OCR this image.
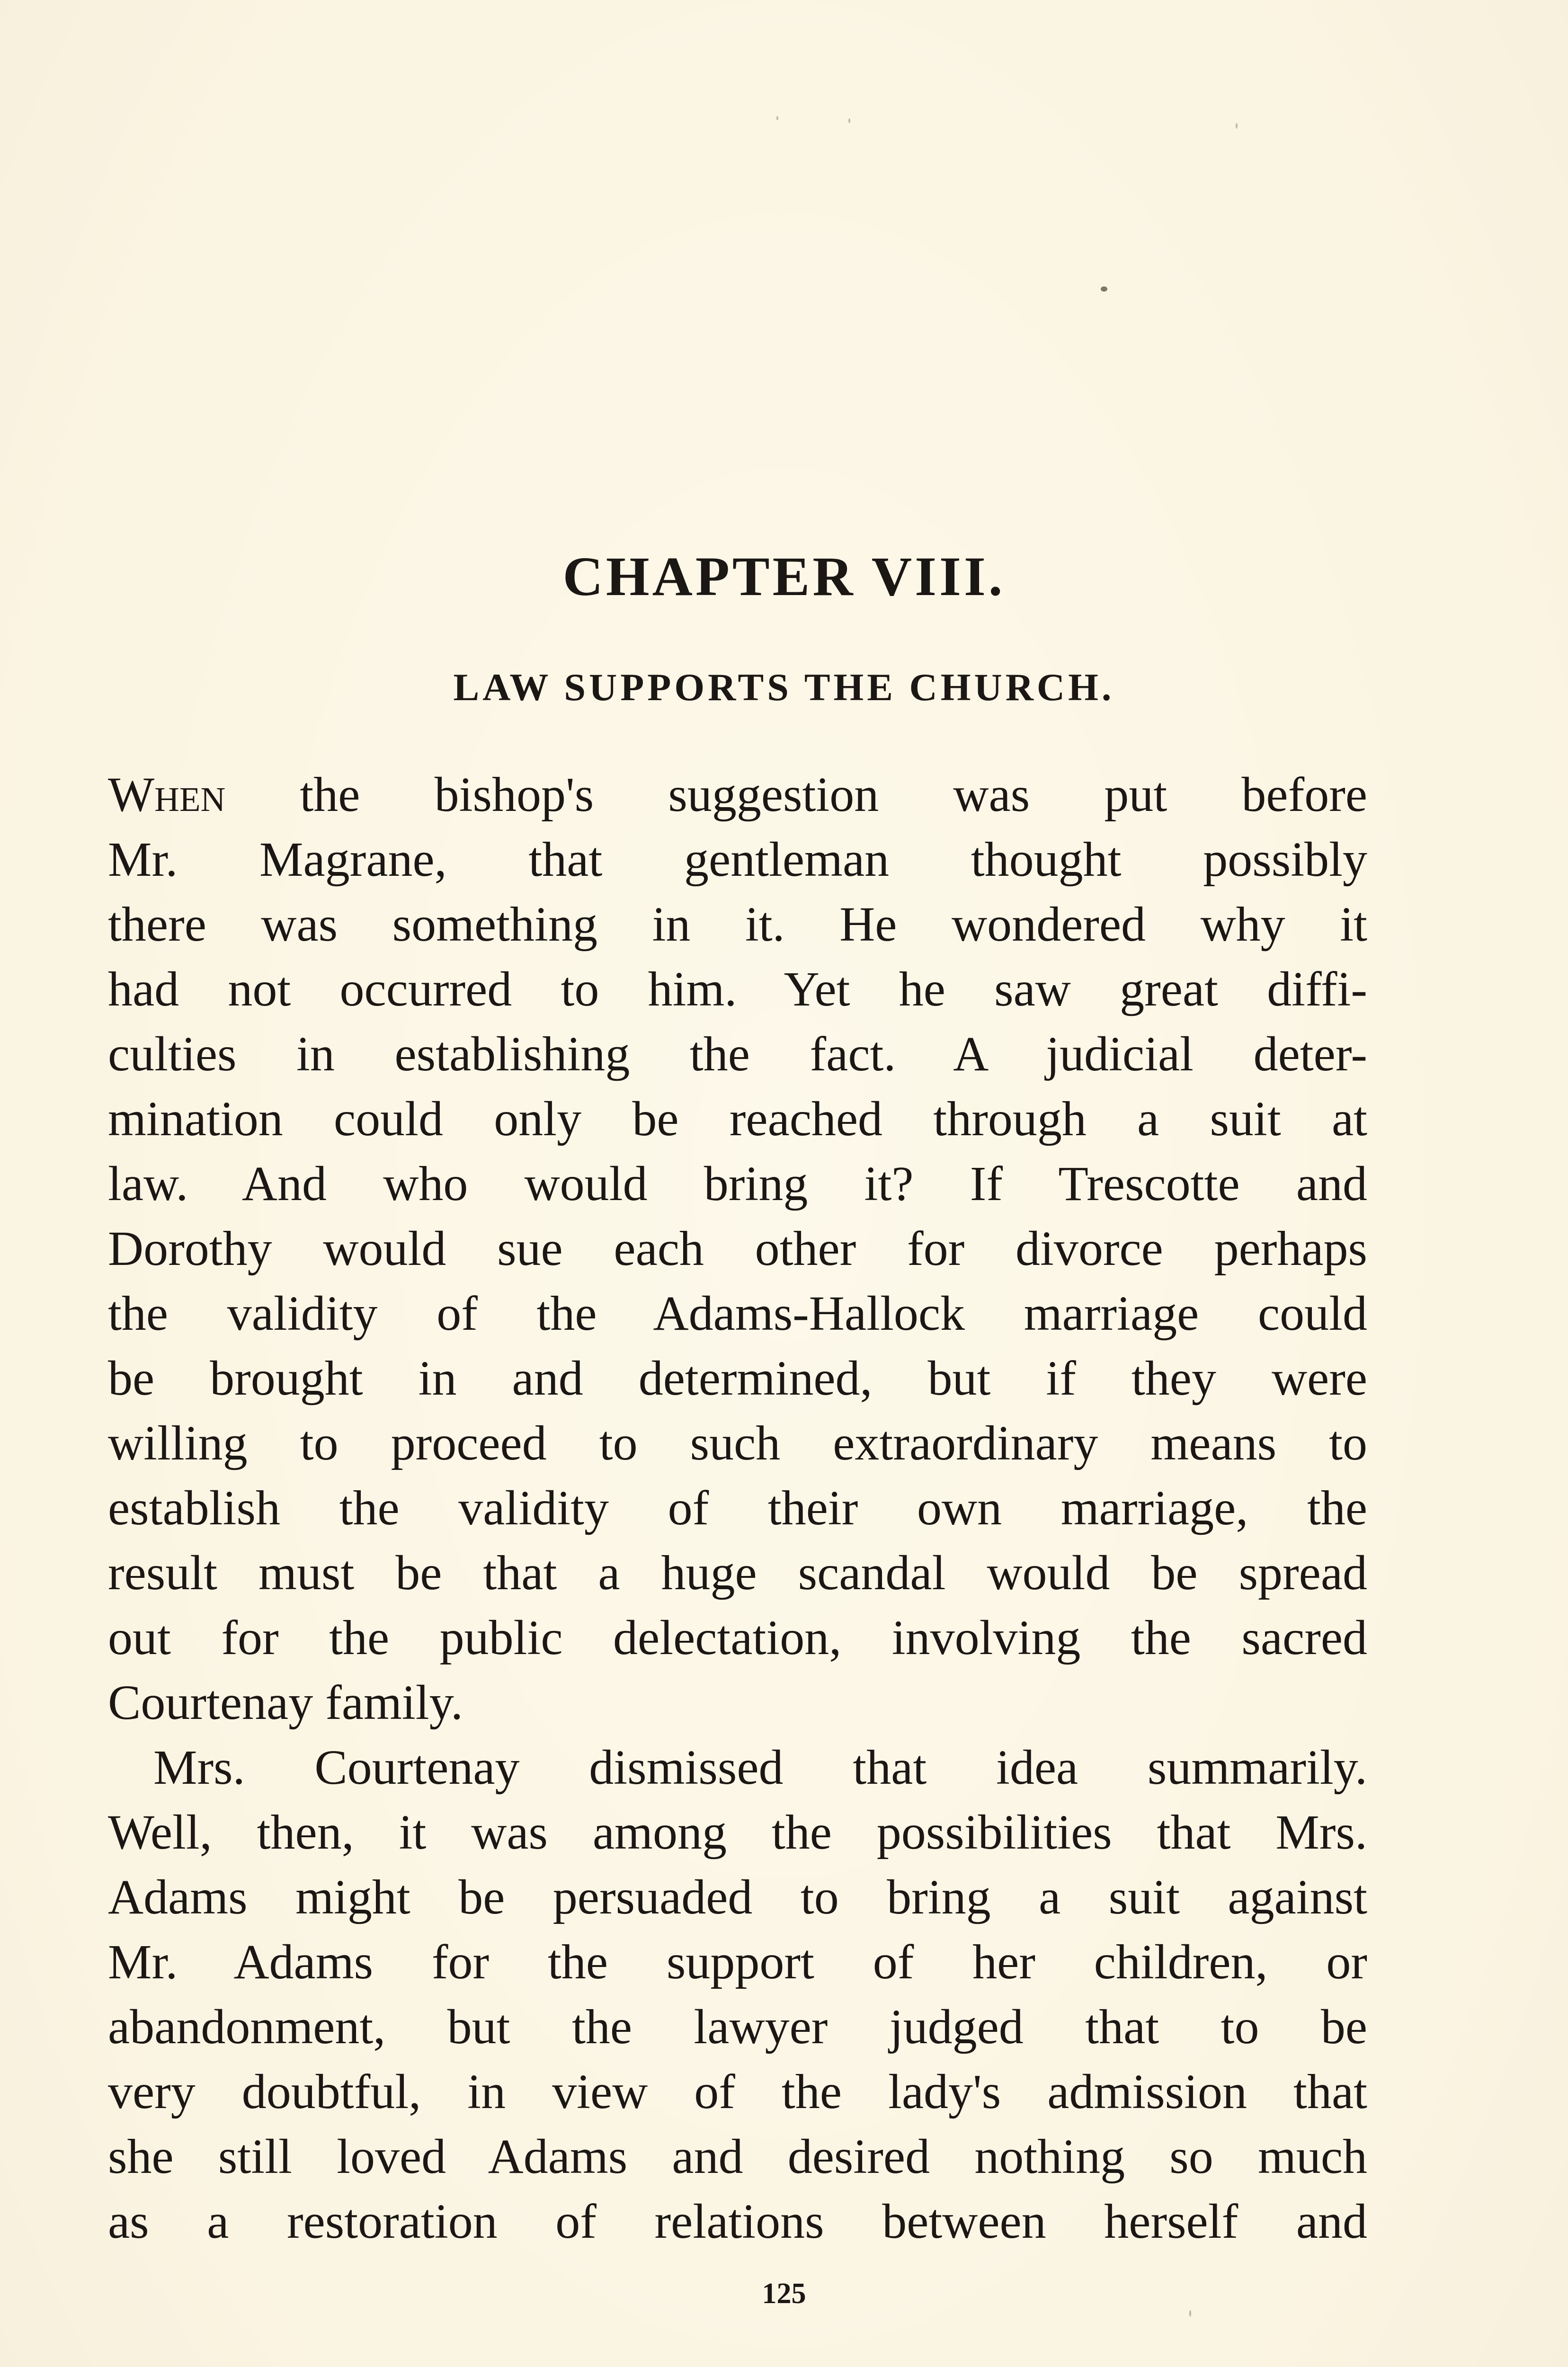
CHAPTER VIII.
LAW SUPPORTS THE CHURCH.
When the bishop's suggestion was put before
Mr. Magrane, that gentleman thought possibly
there was something in it. He wondered why it
had not occurred to him. Yet he saw great diffi-
culties in establishing the fact. A judicial deter-
mination could only be reached through a suit at
law. And who would bring it? If Trescotte and
Dorothy would sue each other for divorce perhaps
the validity of the Adams-Hallock marriage could
be brought in and determined, but if they were
willing to proceed to such extraordinary means to
establish the validity of their own marriage, the
result must be that a huge scandal would be spread
out for the public delectation, involving the sacred
Courtenay family.
Mrs. Courtenay dismissed that idea summarily.
Well, then, it was among the possibilities that Mrs.
Adams might be persuaded to bring a suit against
Mr. Adams for the support of her children, or
abandonment, but the lawyer judged that to be
very doubtful, in view of the lady's admission that
she still loved Adams and desired nothing so much
as a restoration of relations between herself and
125
